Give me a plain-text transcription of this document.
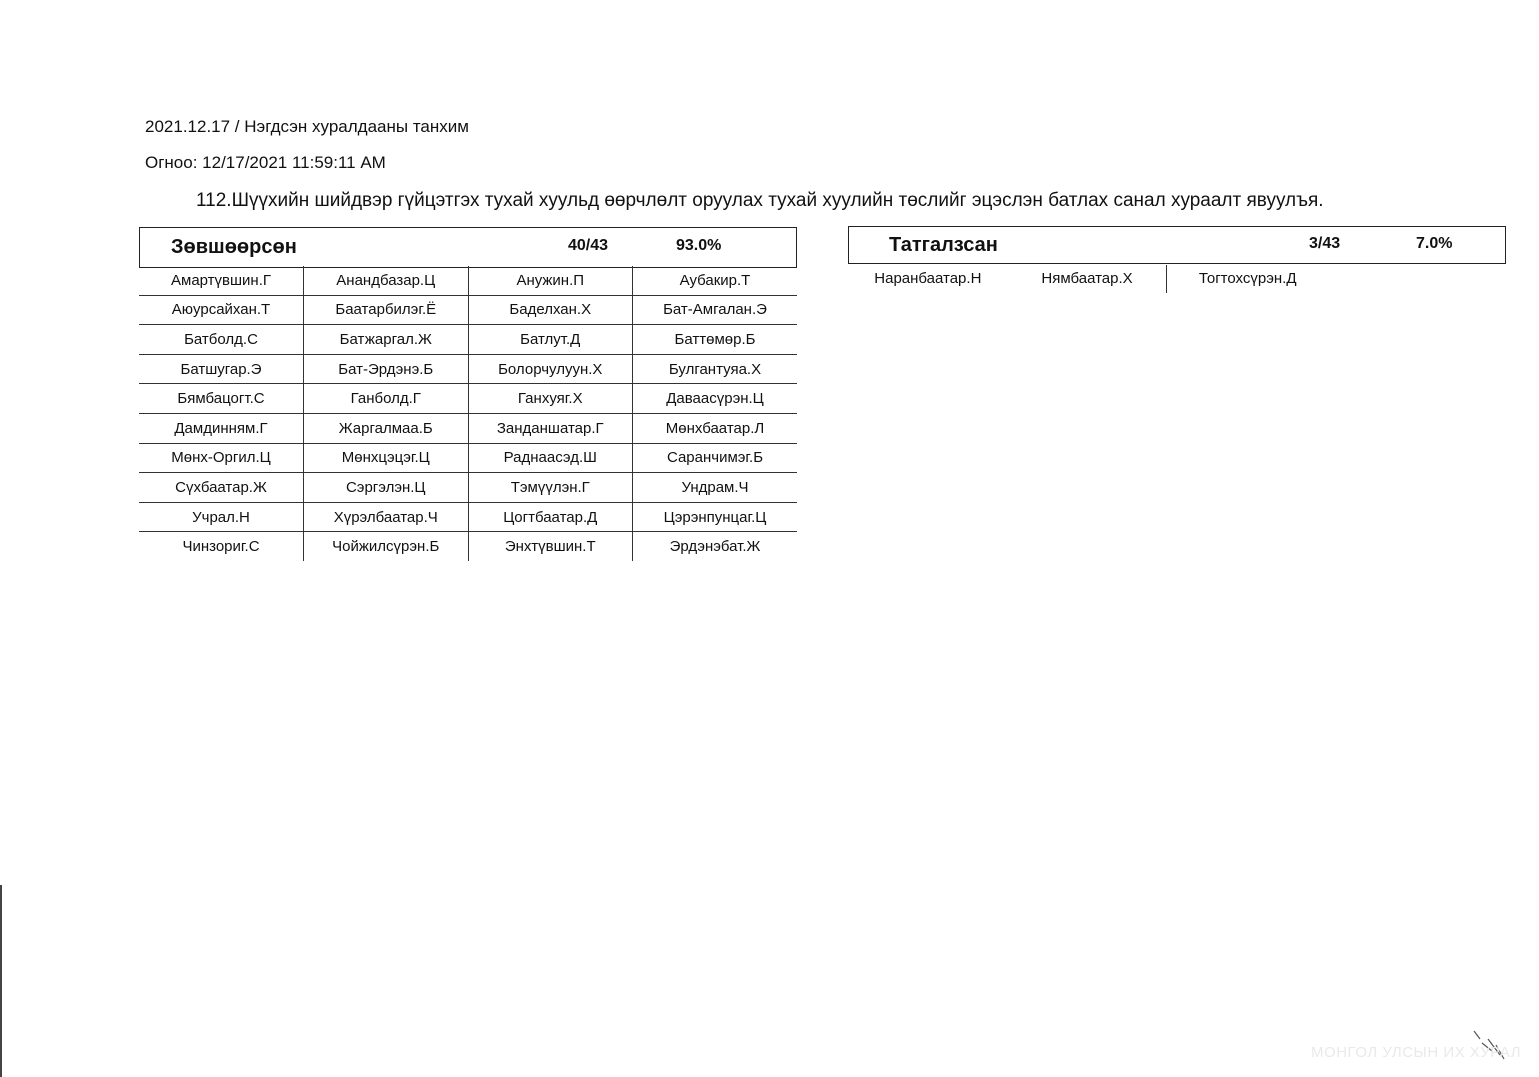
2021.12.17 / Нэгдсэн хуралдааны танхим
Огноо: 12/17/2021 11:59:11 AM
112.Шүүхийн шийдвэр гүйцэтгэх тухай хуульд өөрчлөлт оруулах тухай хуулийн төслийг эцэслэн батлах санал хураалт явуулъя.
Зөвшөөрсөн	40/43	93.0%
Амартүвшин.Г	Анандбазар.Ц	Анужин.П	Аубакир.Т
Аюурсайхан.Т	Баатарбилэг.Ё	Баделхан.Х	Бат-Амгалан.Э
Батболд.С	Батжаргал.Ж	Батлут.Д	Баттөмөр.Б
Батшугар.Э	Бат-Эрдэнэ.Б	Болорчулуун.Х	Булгантуяа.Х
Бямбацогт.С	Ганболд.Г	Ганхуяг.Х	Даваасүрэн.Ц
Дамдинням.Г	Жаргалмаа.Б	Занданшатар.Г	Мөнхбаатар.Л
Мөнх-Оргил.Ц	Мөнхцэцэг.Ц	Раднаасэд.Ш	Саранчимэг.Б
Сүхбаатар.Ж	Сэргэлэн.Ц	Тэмүүлэн.Г	Ундрам.Ч
Учрал.Н	Хүрэлбаатар.Ч	Цогтбаатар.Д	Цэрэнпунцаг.Ц
Чинзориг.С	Чойжилсүрэн.Б	Энхтүвшин.Т	Эрдэнэбат.Ж
Татгалзсан	3/43	7.0%
Наранбаатар.Н	Нямбаатар.Х	Тогтохсүрэн.Д
МОНГОЛ УЛСЫН ИХ ХУРАЛ
